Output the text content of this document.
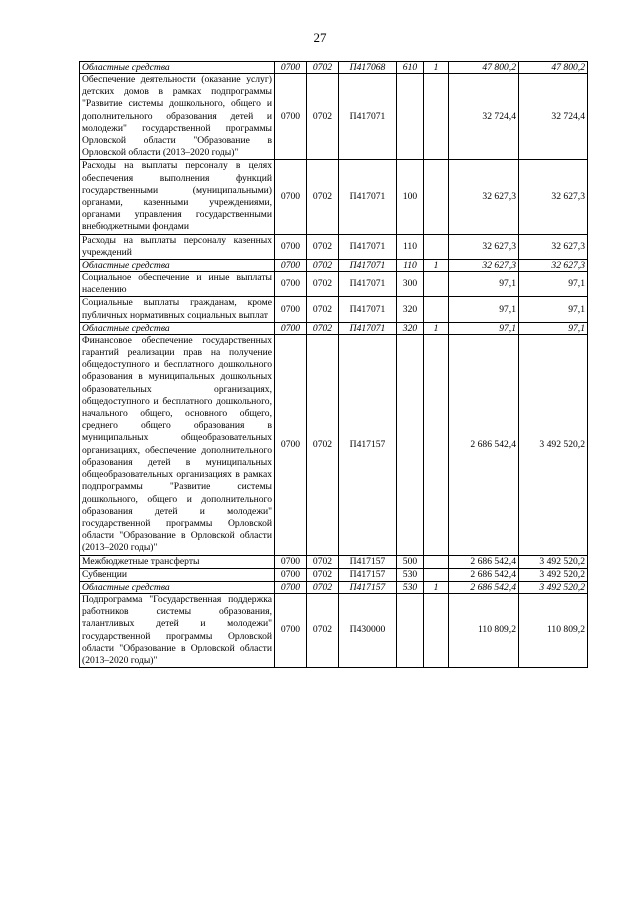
27
Областные средства	0700	0702	П417068	610	1	47 800,2	47 800,2
Обеспечение деятельности (оказание услуг) детских домов в рамках подпрограммы "Развитие системы дошкольного, общего и дополнительного образования детей и молодежи" государственной программы Орловской области "Образование в Орловской области (2013–2020 годы)"	0700	0702	П417071			32 724,4	32 724,4
Расходы на выплаты персоналу в целях обеспечения выполнения функций государственными (муниципальными) органами, казенными учреждениями, органами управления государственными внебюджетными фондами	0700	0702	П417071	100		32 627,3	32 627,3
Расходы на выплаты персоналу казенных учреждений	0700	0702	П417071	110		32 627,3	32 627,3
Областные средства	0700	0702	П417071	110	1	32 627,3	32 627,3
Социальное обеспечение и иные выплаты населению	0700	0702	П417071	300		97,1	97,1
Социальные выплаты гражданам, кроме публичных нормативных социальных выплат	0700	0702	П417071	320		97,1	97,1
Областные средства	0700	0702	П417071	320	1	97,1	97,1
Финансовое обеспечение государственных гарантий реализации прав на получение общедоступного и бесплатного дошкольного образования в муниципальных дошкольных образовательных организациях, общедоступного и бесплатного дошкольного, начального общего, основного общего, среднего общего образования в муниципальных общеобразовательных организациях, обеспечение дополнительного образования детей в муниципальных общеобразовательных организациях в рамках подпрограммы "Развитие системы дошкольного, общего и дополнительного образования детей и молодежи" государственной программы Орловской области "Образование в Орловской области (2013–2020 годы)"	0700	0702	П417157			2 686 542,4	3 492 520,2
Межбюджетные трансферты	0700	0702	П417157	500		2 686 542,4	3 492 520,2
Субвенции	0700	0702	П417157	530		2 686 542,4	3 492 520,2
Областные средства	0700	0702	П417157	530	1	2 686 542,4	3 492 520,2
Подпрограмма "Государственная поддержка работников системы образования, талантливых детей и молодежи" государственной программы Орловской области "Образование в Орловской области (2013–2020 годы)"	0700	0702	П430000			110 809,2	110 809,2
